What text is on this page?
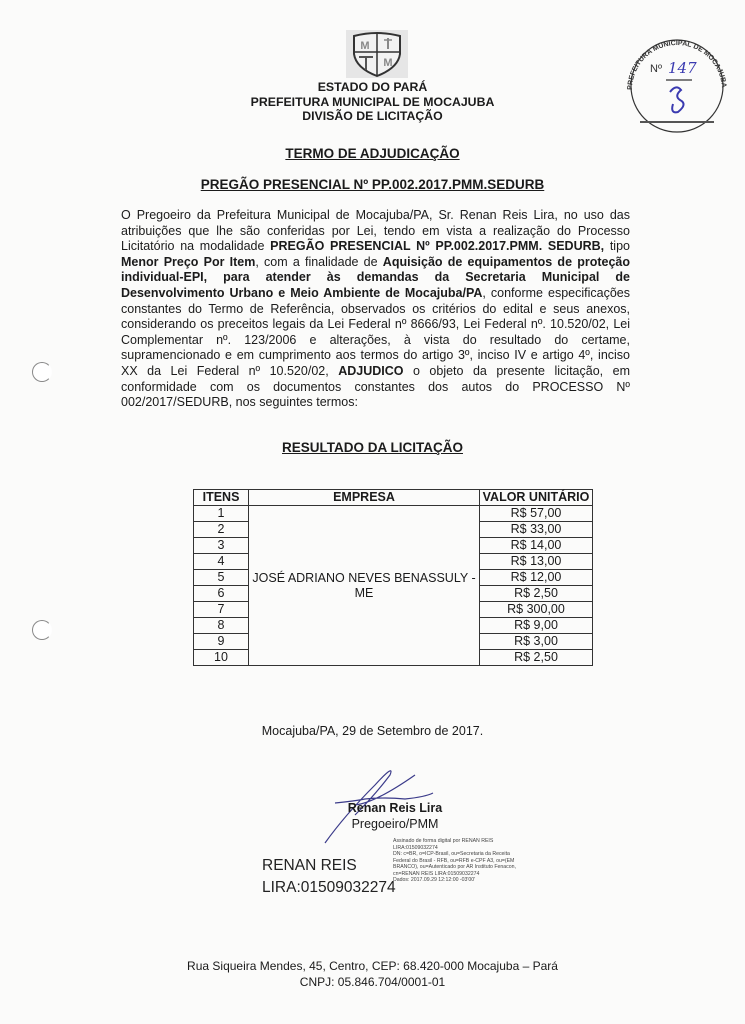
M
M
ESTADO DO PARÁ
PREFEITURA MUNICIPAL DE MOCAJUBA
DIVISÃO DE LICITAÇÃO
PREFEITURA MUNICIPAL DE MOCAJUBA
Nº 147
TERMO DE ADJUDICAÇÃO
PREGÃO PRESENCIAL Nº PP.002.2017.PMM.SEDURB
O Pregoeiro da Prefeitura Municipal de Mocajuba/PA, Sr. Renan Reis Lira, no uso das atribuições que lhe são conferidas por Lei, tendo em vista a realização do Processo Licitatório na modalidade PREGÃO PRESENCIAL Nº PP.002.2017.PMM. SEDURB, tipo Menor Preço Por Item, com a finalidade de Aquisição de equipamentos de proteção individual-EPI, para atender às demandas da Secretaria Municipal de Desenvolvimento Urbano e Meio Ambiente de Mocajuba/PA, conforme especificações constantes do Termo de Referência, observados os critérios do edital e seus anexos, considerando os preceitos legais da Lei Federal nº 8666/93, Lei Federal nº. 10.520/02, Lei Complementar nº. 123/2006 e alterações, à vista do resultado do certame, supramencionado e em cumprimento aos termos do artigo 3º, inciso IV e artigo 4º, inciso XX da Lei Federal nº 10.520/02, ADJUDICO o objeto da presente licitação, em conformidade com os documentos constantes dos autos do PROCESSO Nº 002/2017/SEDURB, nos seguintes termos:
RESULTADO DA LICITAÇÃO
ITENS	EMPRESA	VALOR UNITÁRIO
1	JOSÉ ADRIANO NEVES BENASSULY - ME	R$ 57,00
2		R$ 33,00
3		R$ 14,00
4		R$ 13,00
5		R$ 12,00
6		R$ 2,50
7		R$ 300,00
8		R$ 9,00
9		R$ 3,00
10		R$ 2,50
Mocajuba/PA, 29 de Setembro de 2017.
Renan Reis Lira
Pregoeiro/PMM
RENAN REIS
LIRA:01509032274
Assinado de forma digital por RENAN REIS
LIRA:01509032274
DN: c=BR, o=ICP-Brasil, ou=Secretaria da Receita
Federal do Brasil - RFB, ou=RFB e-CPF A3, ou=(EM
BRANCO), ou=Autenticado por AR Instituto Fenacon,
cn=RENAN REIS LIRA:01509032274
Dados: 2017.09.29 12:12:00 -03'00'
Rua Siqueira Mendes, 45, Centro, CEP: 68.420-000 Mocajuba – Pará
CNPJ: 05.846.704/0001-01
